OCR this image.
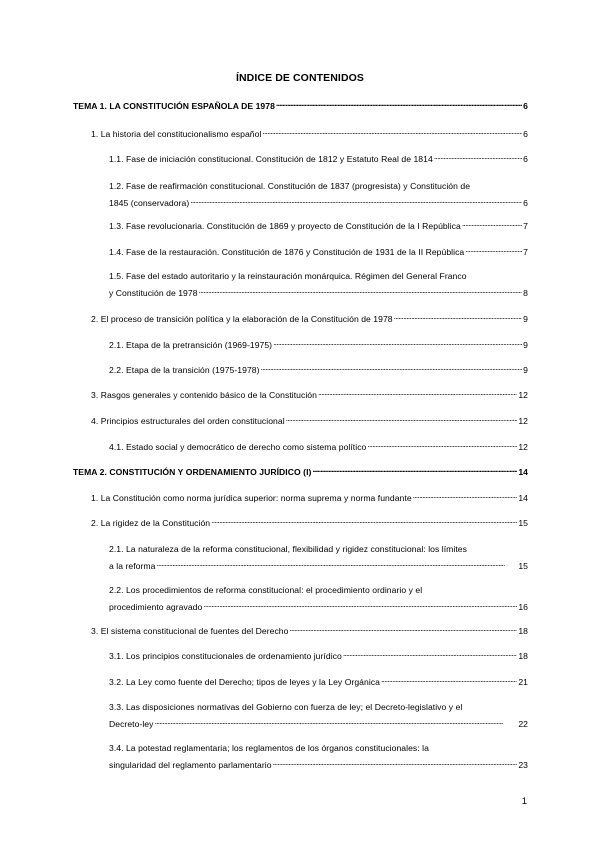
ÍNDICE DE CONTENIDOS
TEMA 1. LA CONSTITUCIÓN ESPAÑOLA DE 1978 . . .	6
1. La historia del constitucionalismo español . . .	6
1.1. Fase de iniciación constitucional. Constitución de 1812 y Estatuto Real de 1814 . . .	6
1.2. Fase de reafirmación constitucional. Constitución de 1837 (progresista) y Constitución de
1845 (conservadora) . . .	6
1.3. Fase revolucionaria. Constitución de 1869 y proyecto de Constitución de la I República . . .	7
1.4. Fase de la restauración. Constitución de 1876 y Constitución de 1931 de la II República . . .	7
1.5. Fase del estado autoritario y la reinstauración monárquica. Régimen del General Franco
y Constitución de 1978 . . .	8
2. El proceso de transición política y la elaboración de la Constitución de 1978 . . .	9
2.1. Etapa de la pretransición (1969-1975) . . .	9
2.2. Etapa de la transición (1975-1978) . . .	9
3. Rasgos generales y contenido básico de la Constitución . . .	12
4. Principios estructurales del orden constitucional . . .	12
4.1. Estado social y democrático de derecho como sistema político . . .	12
TEMA 2. CONSTITUCIÓN Y ORDENAMIENTO JURÍDICO (I) . . .	14
1. La Constitución como norma jurídica superior: norma suprema y norma fundante . . .	14
2. La rigidez de la Constitución . . .	15
2.1. La naturaleza de la reforma constitucional, flexibilidad y rigidez constitucional: los límites
a la reforma . . .	15
2.2. Los procedimientos de reforma constitucional: el procedimiento ordinario y el
procedimiento agravado . . .	16
3. El sistema constitucional de fuentes del Derecho . . .	18
3.1. Los principios constitucionales de ordenamiento jurídico . . .	18
3.2. La Ley como fuente del Derecho; tipos de leyes y la Ley Orgánica . . .	21
3.3. Las disposiciones normativas del Gobierno con fuerza de ley; el Decreto-legislativo y el
Decreto-ley . . .	22
3.4. La potestad reglamentaria; los reglamentos de los órganos constitucionales: la
singularidad del reglamento parlamentario . . .	23
1
